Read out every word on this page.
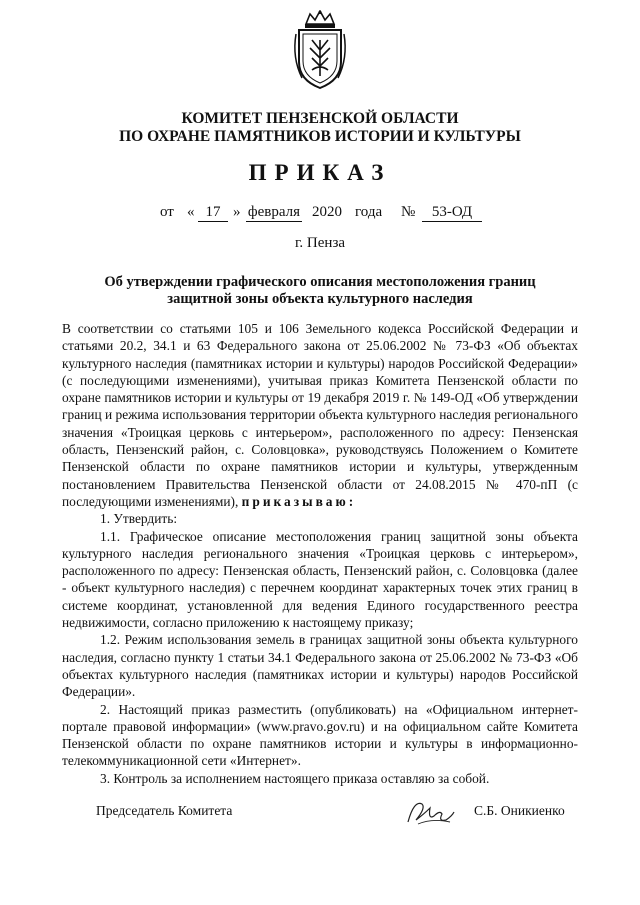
КОМИТЕТ ПЕНЗЕНСКОЙ ОБЛАСТИ
ПО ОХРАНЕ ПАМЯТНИКОВ ИСТОРИИ И КУЛЬТУРЫ
ПРИКАЗ
от « 17 » февраля 2020 года №	53-ОД
г. Пенза
Об утверждении графического описания местоположения границ
защитной зоны объекта культурного наследия

В соответствии со статьями 105 и 106 Земельного кодекса Российской Федерации и статьями 20.2, 34.1 и 63 Федерального закона от 25.06.2002 № 73-ФЗ «Об объектах культурного наследия (памятниках истории и культуры) народов Российской Федерации» (с последующими изменениями), учитывая приказ Комитета Пензенской области по охране памятников истории и культуры от 19 декабря 2019 г. № 149-ОД «Об утверждении границ и режима использования территории объекта культурного наследия регионального значения «Троицкая церковь с интерьером», расположенного по адресу: Пензенская область, Пензенский район, с. Соловцовка», руководствуясь Положением о Комитете Пензенской области по охране памятников истории и культуры, утвержденным постановлением Правительства Пензенской области от 24.08.2015 № 470-пП (с последующими изменениями), приказываю:

1. Утвердить:

1.1. Графическое описание местоположения границ защитной зоны объекта культурного наследия регионального значения «Троицкая церковь с интерьером», расположенного по адресу: Пензенская область, Пензенский район, с. Соловцовка (далее - объект культурного наследия) с перечнем координат характерных точек этих границ в системе координат, установленной для ведения Единого государственного реестра недвижимости, согласно приложению к настоящему приказу;

1.2. Режим использования земель в границах защитной зоны объекта культурного наследия, согласно пункту 1 статьи 34.1 Федерального закона от 25.06.2002 № 73-ФЗ «Об объектах культурного наследия (памятниках истории и культуры) народов Российской Федерации».

2. Настоящий приказ разместить (опубликовать) на «Официальном интернет-портале правовой информации» (www.pravo.gov.ru) и на официальном сайте Комитета Пензенской области по охране памятников истории и культуры в информационно-телекоммуникационной сети «Интернет».

3. Контроль за исполнением настоящего приказа оставляю за собой.

Председатель Комитета	С.Б. Оникиенко
